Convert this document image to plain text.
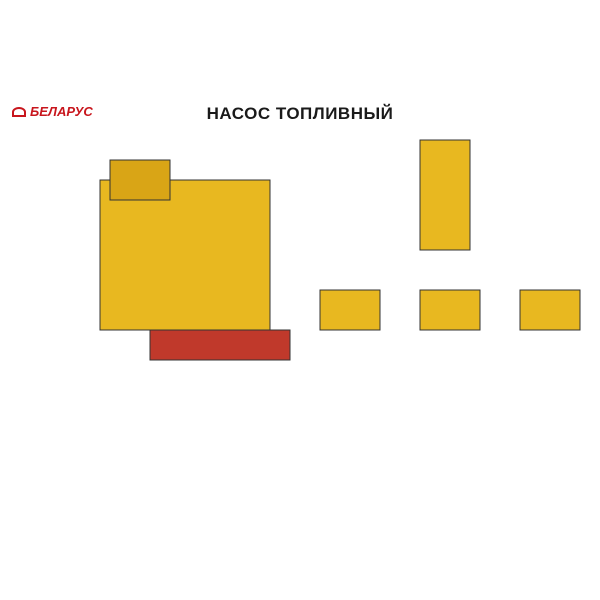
БЕЛАРУС	НАСОС ТОПЛИВНЫЙ
